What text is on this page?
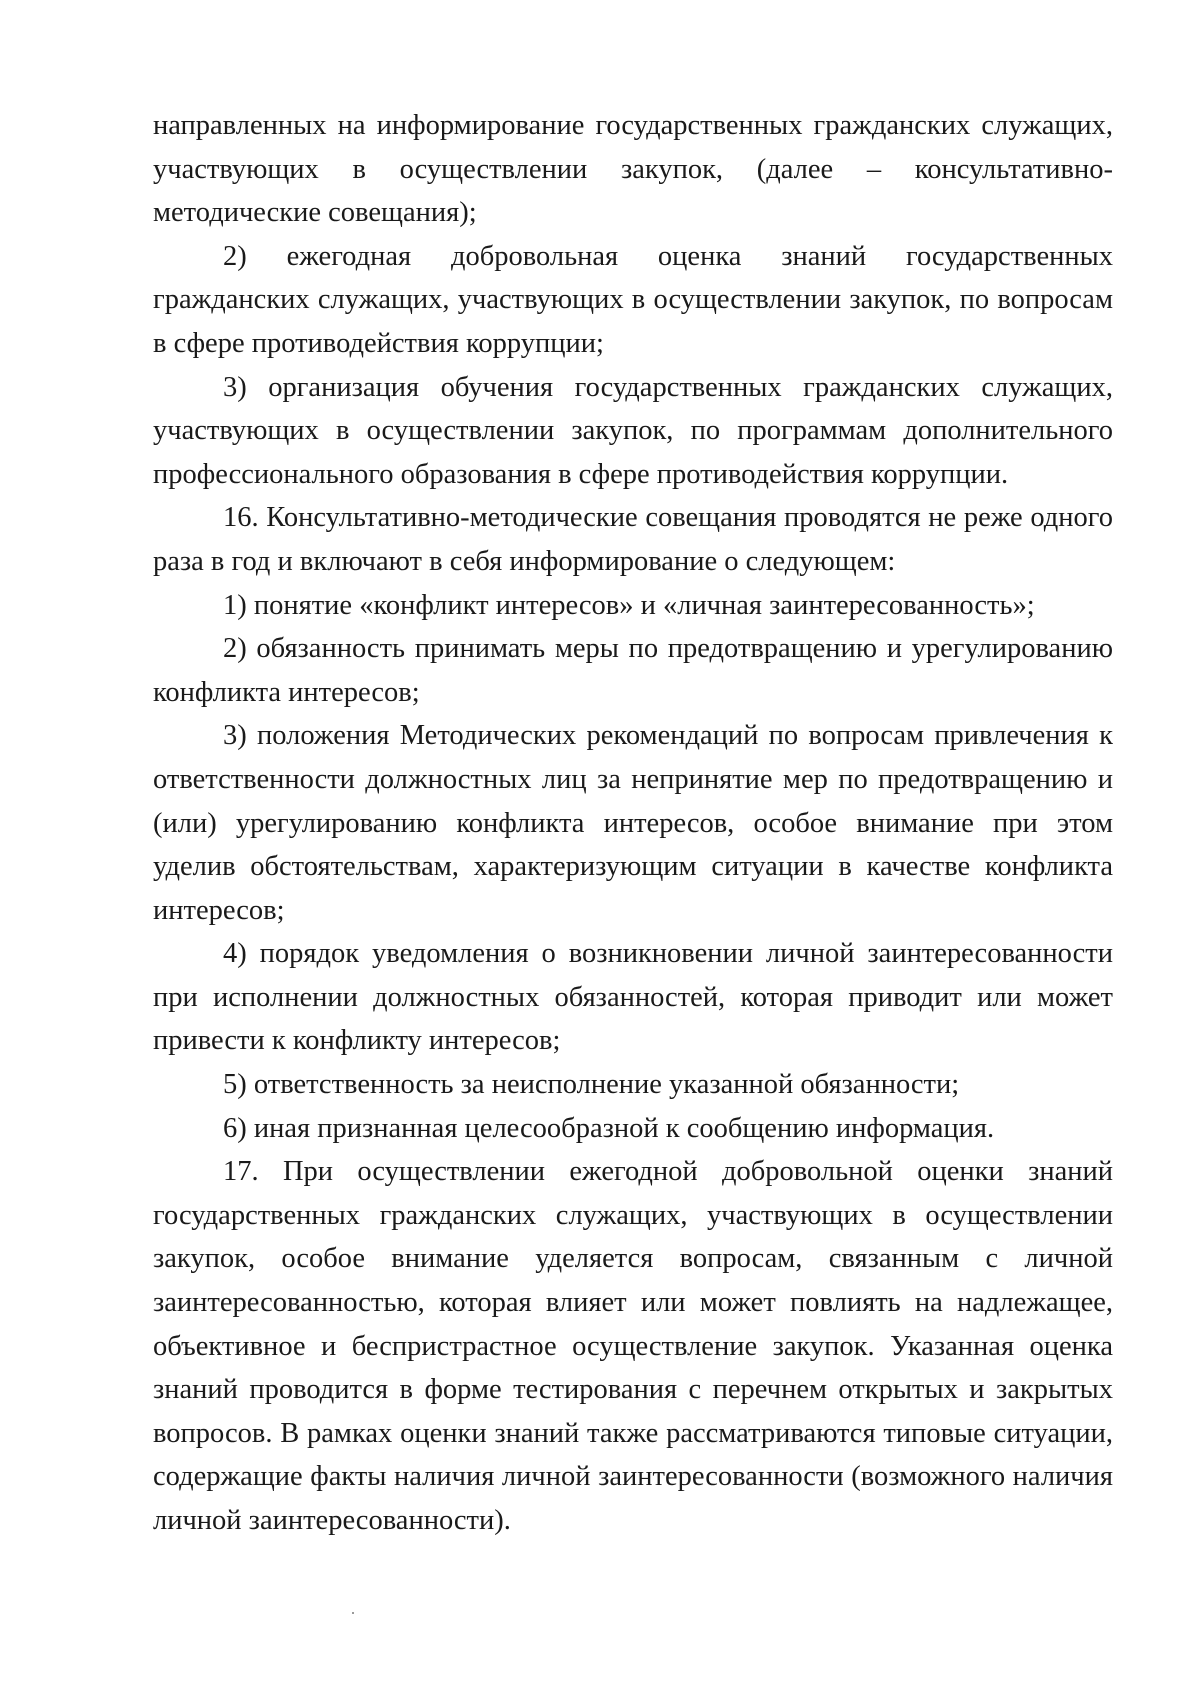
направленных на информирование государственных гражданских служащих, участвующих в осуществлении закупок, (далее – консультативно-методические совещания);

2) ежегодная добровольная оценка знаний государственных гражданских служащих, участвующих в осуществлении закупок, по вопросам в сфере противодействия коррупции;

3) организация обучения государственных гражданских служащих, участвующих в осуществлении закупок, по программам дополнительного профессионального образования в сфере противодействия коррупции.

16. Консультативно-методические совещания проводятся не реже одного раза в год и включают в себя информирование о следующем:

1) понятие «конфликт интересов» и «личная заинтересованность»;

2) обязанность принимать меры по предотвращению и урегулированию конфликта интересов;

3) положения Методических рекомендаций по вопросам привлечения к ответственности должностных лиц за непринятие мер по предотвращению и (или) урегулированию конфликта интересов, особое внимание при этом уделив обстоятельствам, характеризующим ситуации в качестве конфликта интересов;

4) порядок уведомления о возникновении личной заинтересованности при исполнении должностных обязанностей, которая приводит или может привести к конфликту интересов;

5) ответственность за неисполнение указанной обязанности;

6) иная признанная целесообразной к сообщению информация.

17. При осуществлении ежегодной добровольной оценки знаний государственных гражданских служащих, участвующих в осуществлении закупок, особое внимание уделяется вопросам, связанным с личной заинтересованностью, которая влияет или может повлиять на надлежащее, объективное и беспристрастное осуществление закупок. Указанная оценка знаний проводится в форме тестирования с перечнем открытых и закрытых вопросов. В рамках оценки знаний также рассматриваются типовые ситуации, содержащие факты наличия личной заинтересованности (возможного наличия личной заинтересованности).
